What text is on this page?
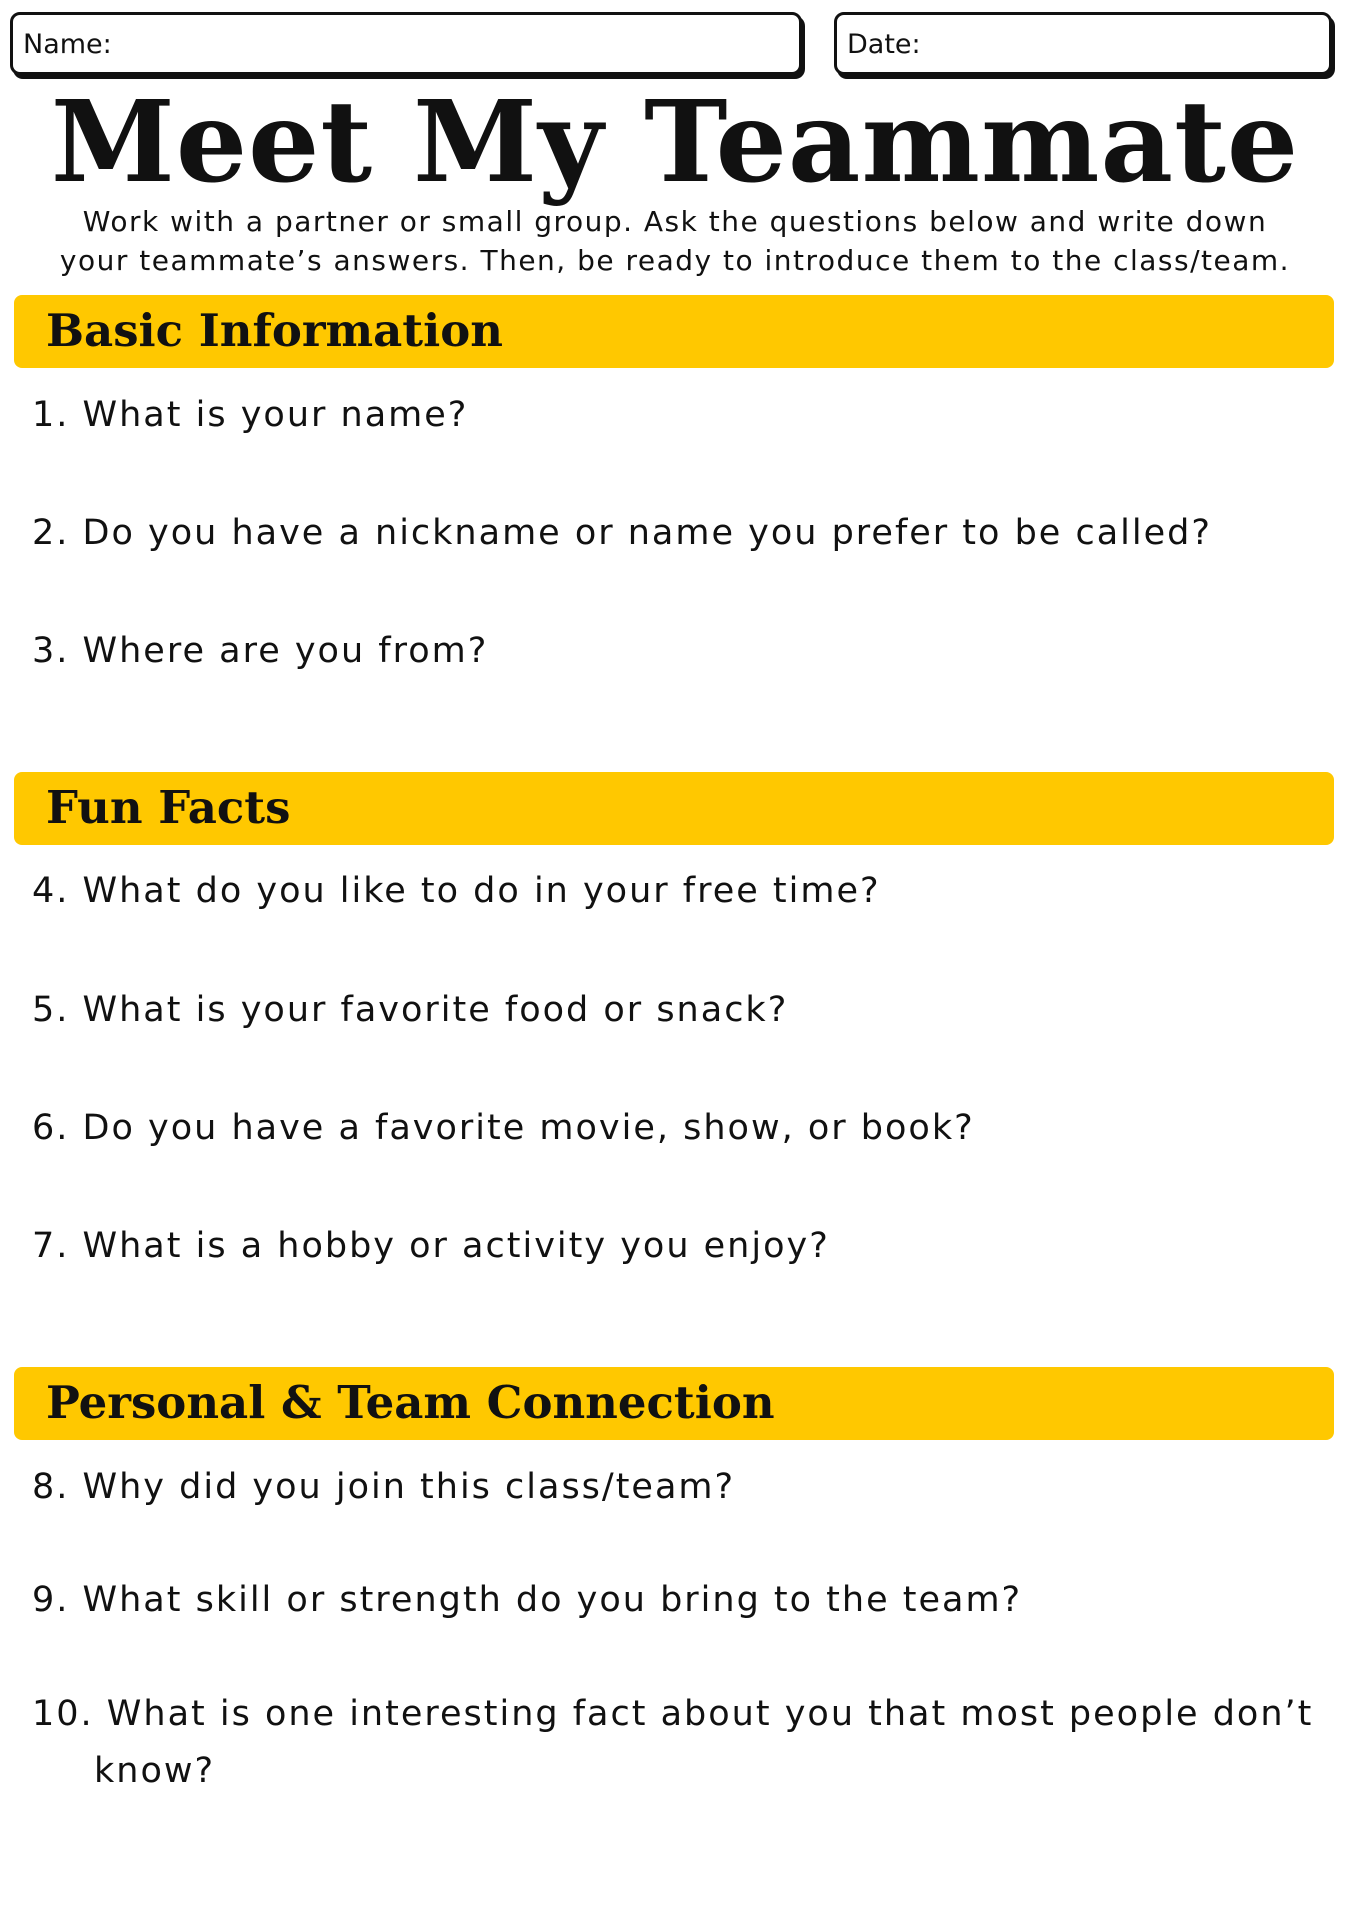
Name:	Date:
Meet My Teammate
Work with a partner or small group. Ask the questions below and write down
your teammate’s answers. Then, be ready to introduce them to the class/team.
Basic Information
1. What is your name?
2. Do you have a nickname or name you prefer to be called?
3. Where are you from?
Fun Facts
4. What do you like to do in your free time?
5. What is your favorite food or snack?
6. Do you have a favorite movie, show, or book?
7. What is a hobby or activity you enjoy?
Personal & Team Connection
8. Why did you join this class/team?
9. What skill or strength do you bring to the team?
10. What is one interesting fact about you that most people don’t know?
